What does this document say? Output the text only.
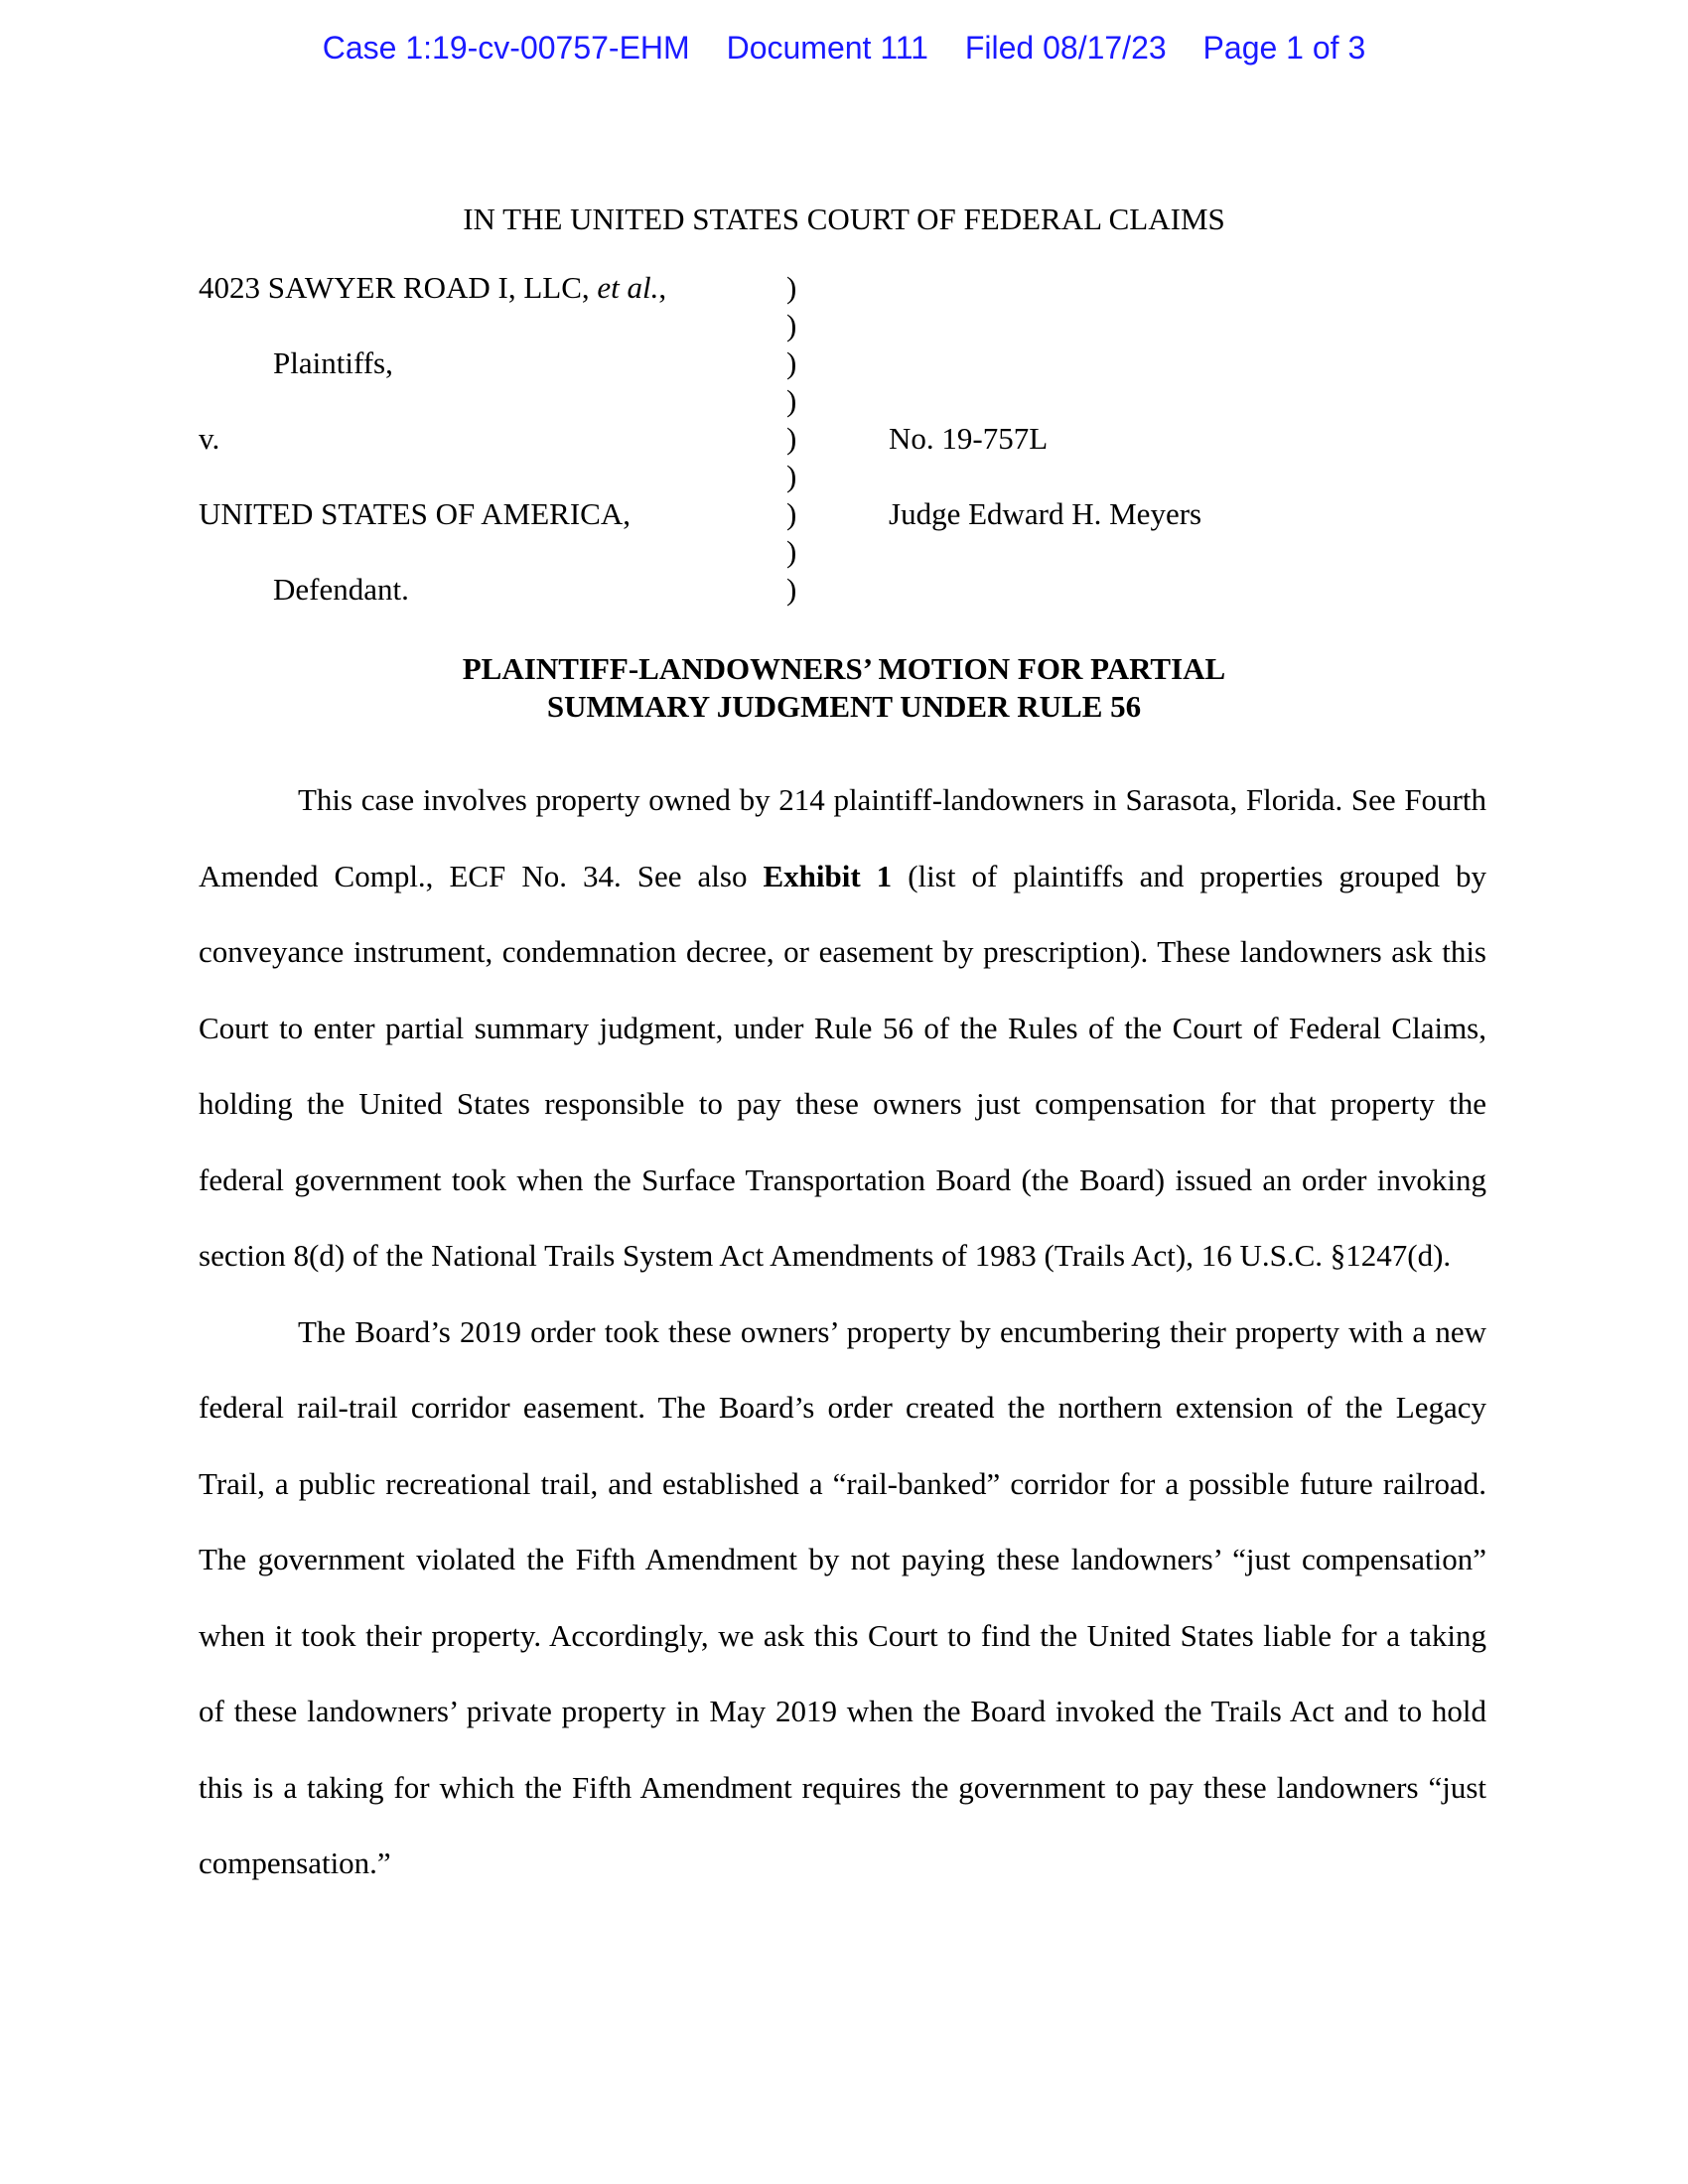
Case 1:19-cv-00757-EHM Document 111 Filed 08/17/23 Page 1 of 3
IN THE UNITED STATES COURT OF FEDERAL CLAIMS
4023 SAWYER ROAD I, LLC, et al.,
Plaintiffs,
v.
UNITED STATES OF AMERICA,
Defendant.
)
)
)
)
)
)
)
)
)
No. 19-757L
Judge Edward H. Meyers
PLAINTIFF-LANDOWNERS’ MOTION FOR PARTIAL
SUMMARY JUDGMENT UNDER RULE 56

This case involves property owned by 214 plaintiff-landowners in Sarasota, Florida. See Fourth Amended Compl., ECF No. 34. See also Exhibit 1 (list of plaintiffs and properties grouped by conveyance instrument, condemnation decree, or easement by prescription). These landowners ask this Court to enter partial summary judgment, under Rule 56 of the Rules of the Court of Federal Claims, holding the United States responsible to pay these owners just compensation for that property the federal government took when the Surface Transportation Board (the Board) issued an order invoking section 8(d) of the National Trails System Act Amendments of 1983 (Trails Act), 16 U.S.C. §1247(d).

The Board’s 2019 order took these owners’ property by encumbering their property with a new federal rail-trail corridor easement. The Board’s order created the northern extension of the Legacy Trail, a public recreational trail, and established a “rail-banked” corridor for a possible future railroad. The government violated the Fifth Amendment by not paying these landowners’ “just compensation” when it took their property. Accordingly, we ask this Court to find the United States liable for a taking of these landowners’ private property in May 2019 when the Board invoked the Trails Act and to hold this is a taking for which the Fifth Amendment requires the government to pay these landowners “just compensation.”
